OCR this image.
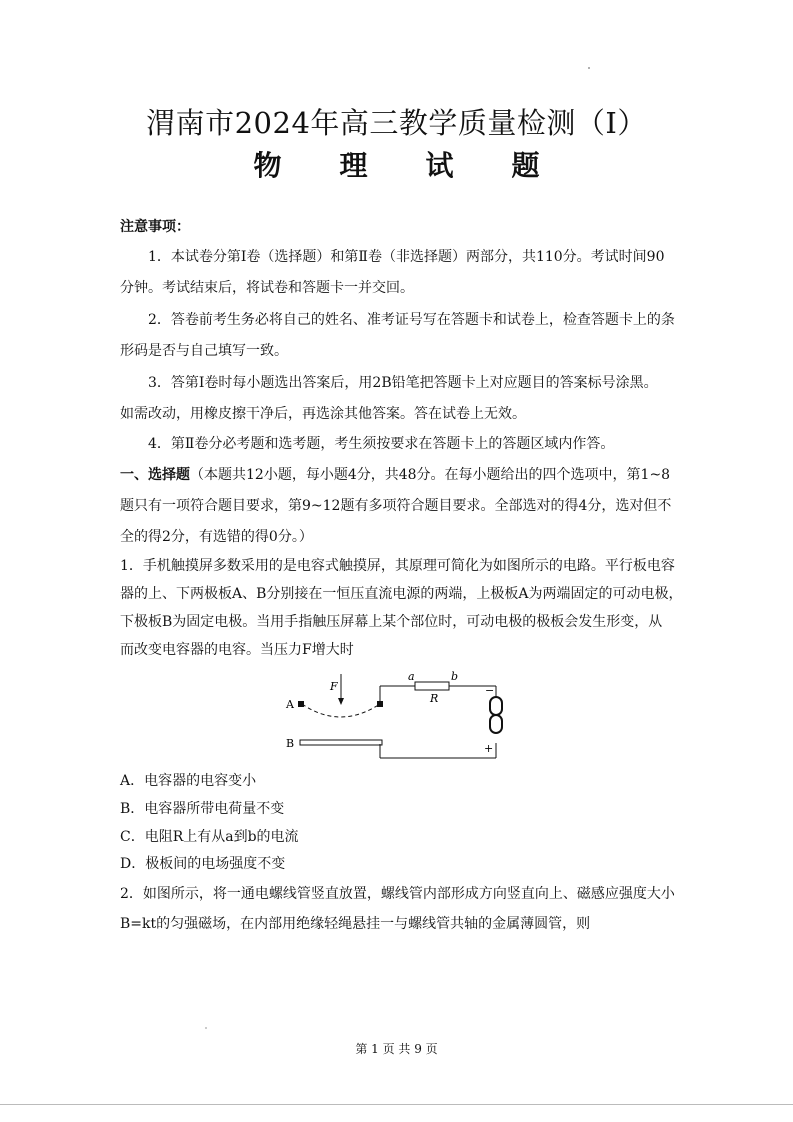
渭南市2024年高三教学质量检测（Ⅰ）
物 理 试 题
注意事项：
1．本试卷分第Ⅰ卷（选择题）和第Ⅱ卷（非选择题）两部分，共110分。考试时间90
分钟。考试结束后，将试卷和答题卡一并交回。
2．答卷前考生务必将自己的姓名、准考证号写在答题卡和试卷上，检查答题卡上的条
形码是否与自己填写一致。
3．答第Ⅰ卷时每小题选出答案后，用2B铅笔把答题卡上对应题目的答案标号涂黑。
如需改动，用橡皮擦干净后，再选涂其他答案。答在试卷上无效。
4．第Ⅱ卷分必考题和选考题，考生须按要求在答题卡上的答题区域内作答。
一、选择题（本题共12小题，每小题4分，共48分。在每小题给出的四个选项中，第1~8
题只有一项符合题目要求，第9~12题有多项符合题目要求。全部选对的得4分，选对但不
全的得2分，有选错的得0分。）
1．手机触摸屏多数采用的是电容式触摸屏，其原理可简化为如图所示的电路。平行板电容
器的上、下两极板A、B分别接在一恒压直流电源的两端，上极板A为两端固定的可动电极，
下极板B为固定电极。当用手指触压屏幕上某个部位时，可动电极的极板会发生形变，从
而改变电容器的电容。当压力F增大时
A
B
F
a	b
R
−
+
A．电容器的电容变小
B．电容器所带电荷量不变
C．电阻R上有从a到b的电流
D．极板间的电场强度不变
2．如图所示，将一通电螺线管竖直放置，螺线管内部形成方向竖直向上、磁感应强度大小
B=kt的匀强磁场，在内部用绝缘轻绳悬挂一与螺线管共轴的金属薄圆管，则
第 1 页 共 9 页
